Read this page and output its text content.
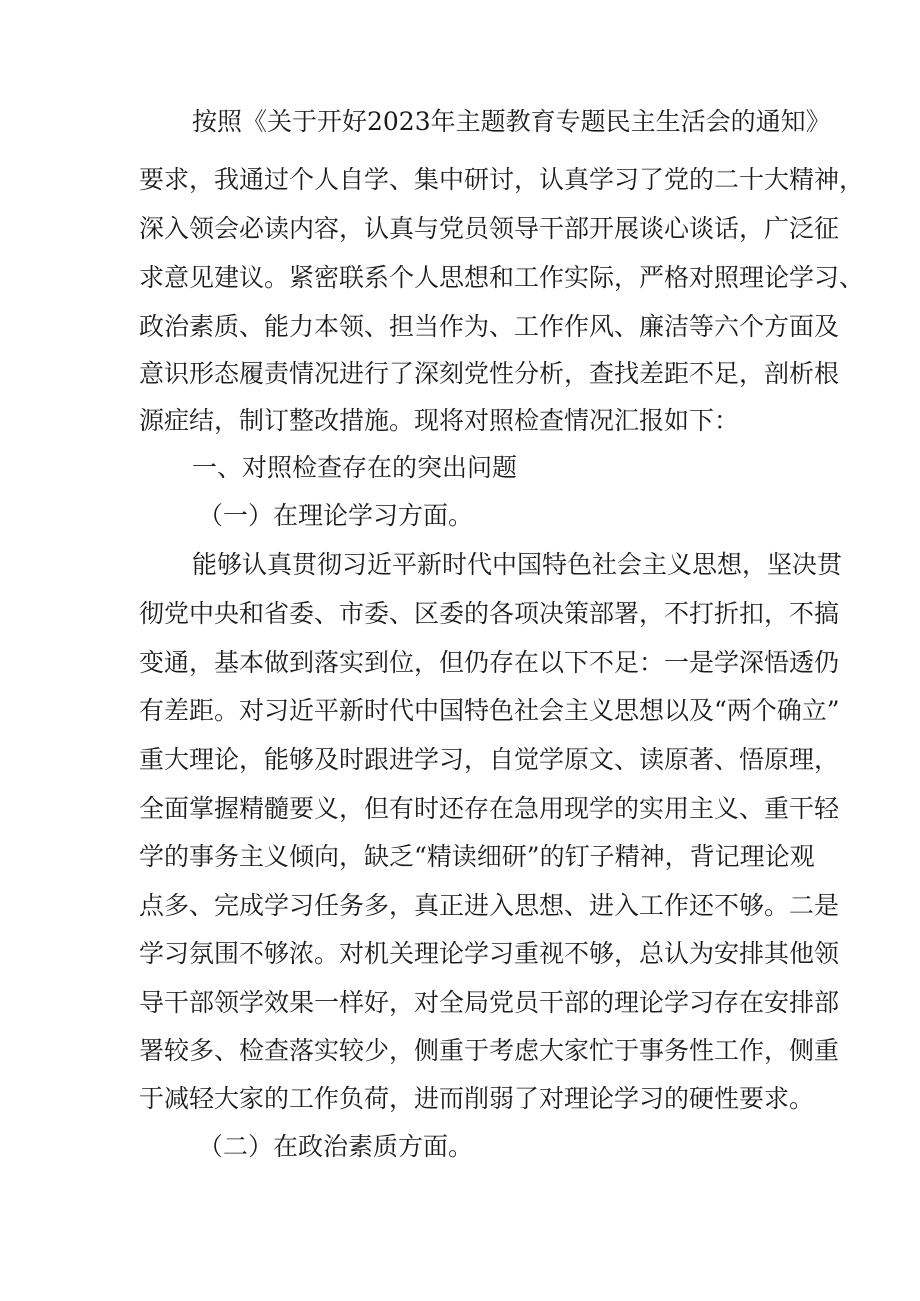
按照《关于开好2023年主题教育专题民主生活会的通知》

要求，我通过个人自学、集中研讨，认真学习了党的二十大精神，

深入领会必读内容，认真与党员领导干部开展谈心谈话，广泛征

求意见建议。紧密联系个人思想和工作实际，严格对照理论学习、

政治素质、能力本领、担当作为、工作作风、廉洁等六个方面及

意识形态履责情况进行了深刻党性分析，查找差距不足，剖析根

源症结，制订整改措施。现将对照检查情况汇报如下：

一、对照检查存在的突出问题

（一）在理论学习方面。

能够认真贯彻习近平新时代中国特色社会主义思想，坚决贯

彻党中央和省委、市委、区委的各项决策部署，不打折扣，不搞

变通，基本做到落实到位，但仍存在以下不足：一是学深悟透仍

有差距。对习近平新时代中国特色社会主义思想以及“两个确立”

重大理论，能够及时跟进学习，自觉学原文、读原著、悟原理，

全面掌握精髓要义，但有时还存在急用现学的实用主义、重干轻

学的事务主义倾向，缺乏“精读细研”的钉子精神，背记理论观

点多、完成学习任务多，真正进入思想、进入工作还不够。二是

学习氛围不够浓。对机关理论学习重视不够，总认为安排其他领

导干部领学效果一样好，对全局党员干部的理论学习存在安排部

署较多、检查落实较少，侧重于考虑大家忙于事务性工作，侧重

于减轻大家的工作负荷，进而削弱了对理论学习的硬性要求。

（二）在政治素质方面。
